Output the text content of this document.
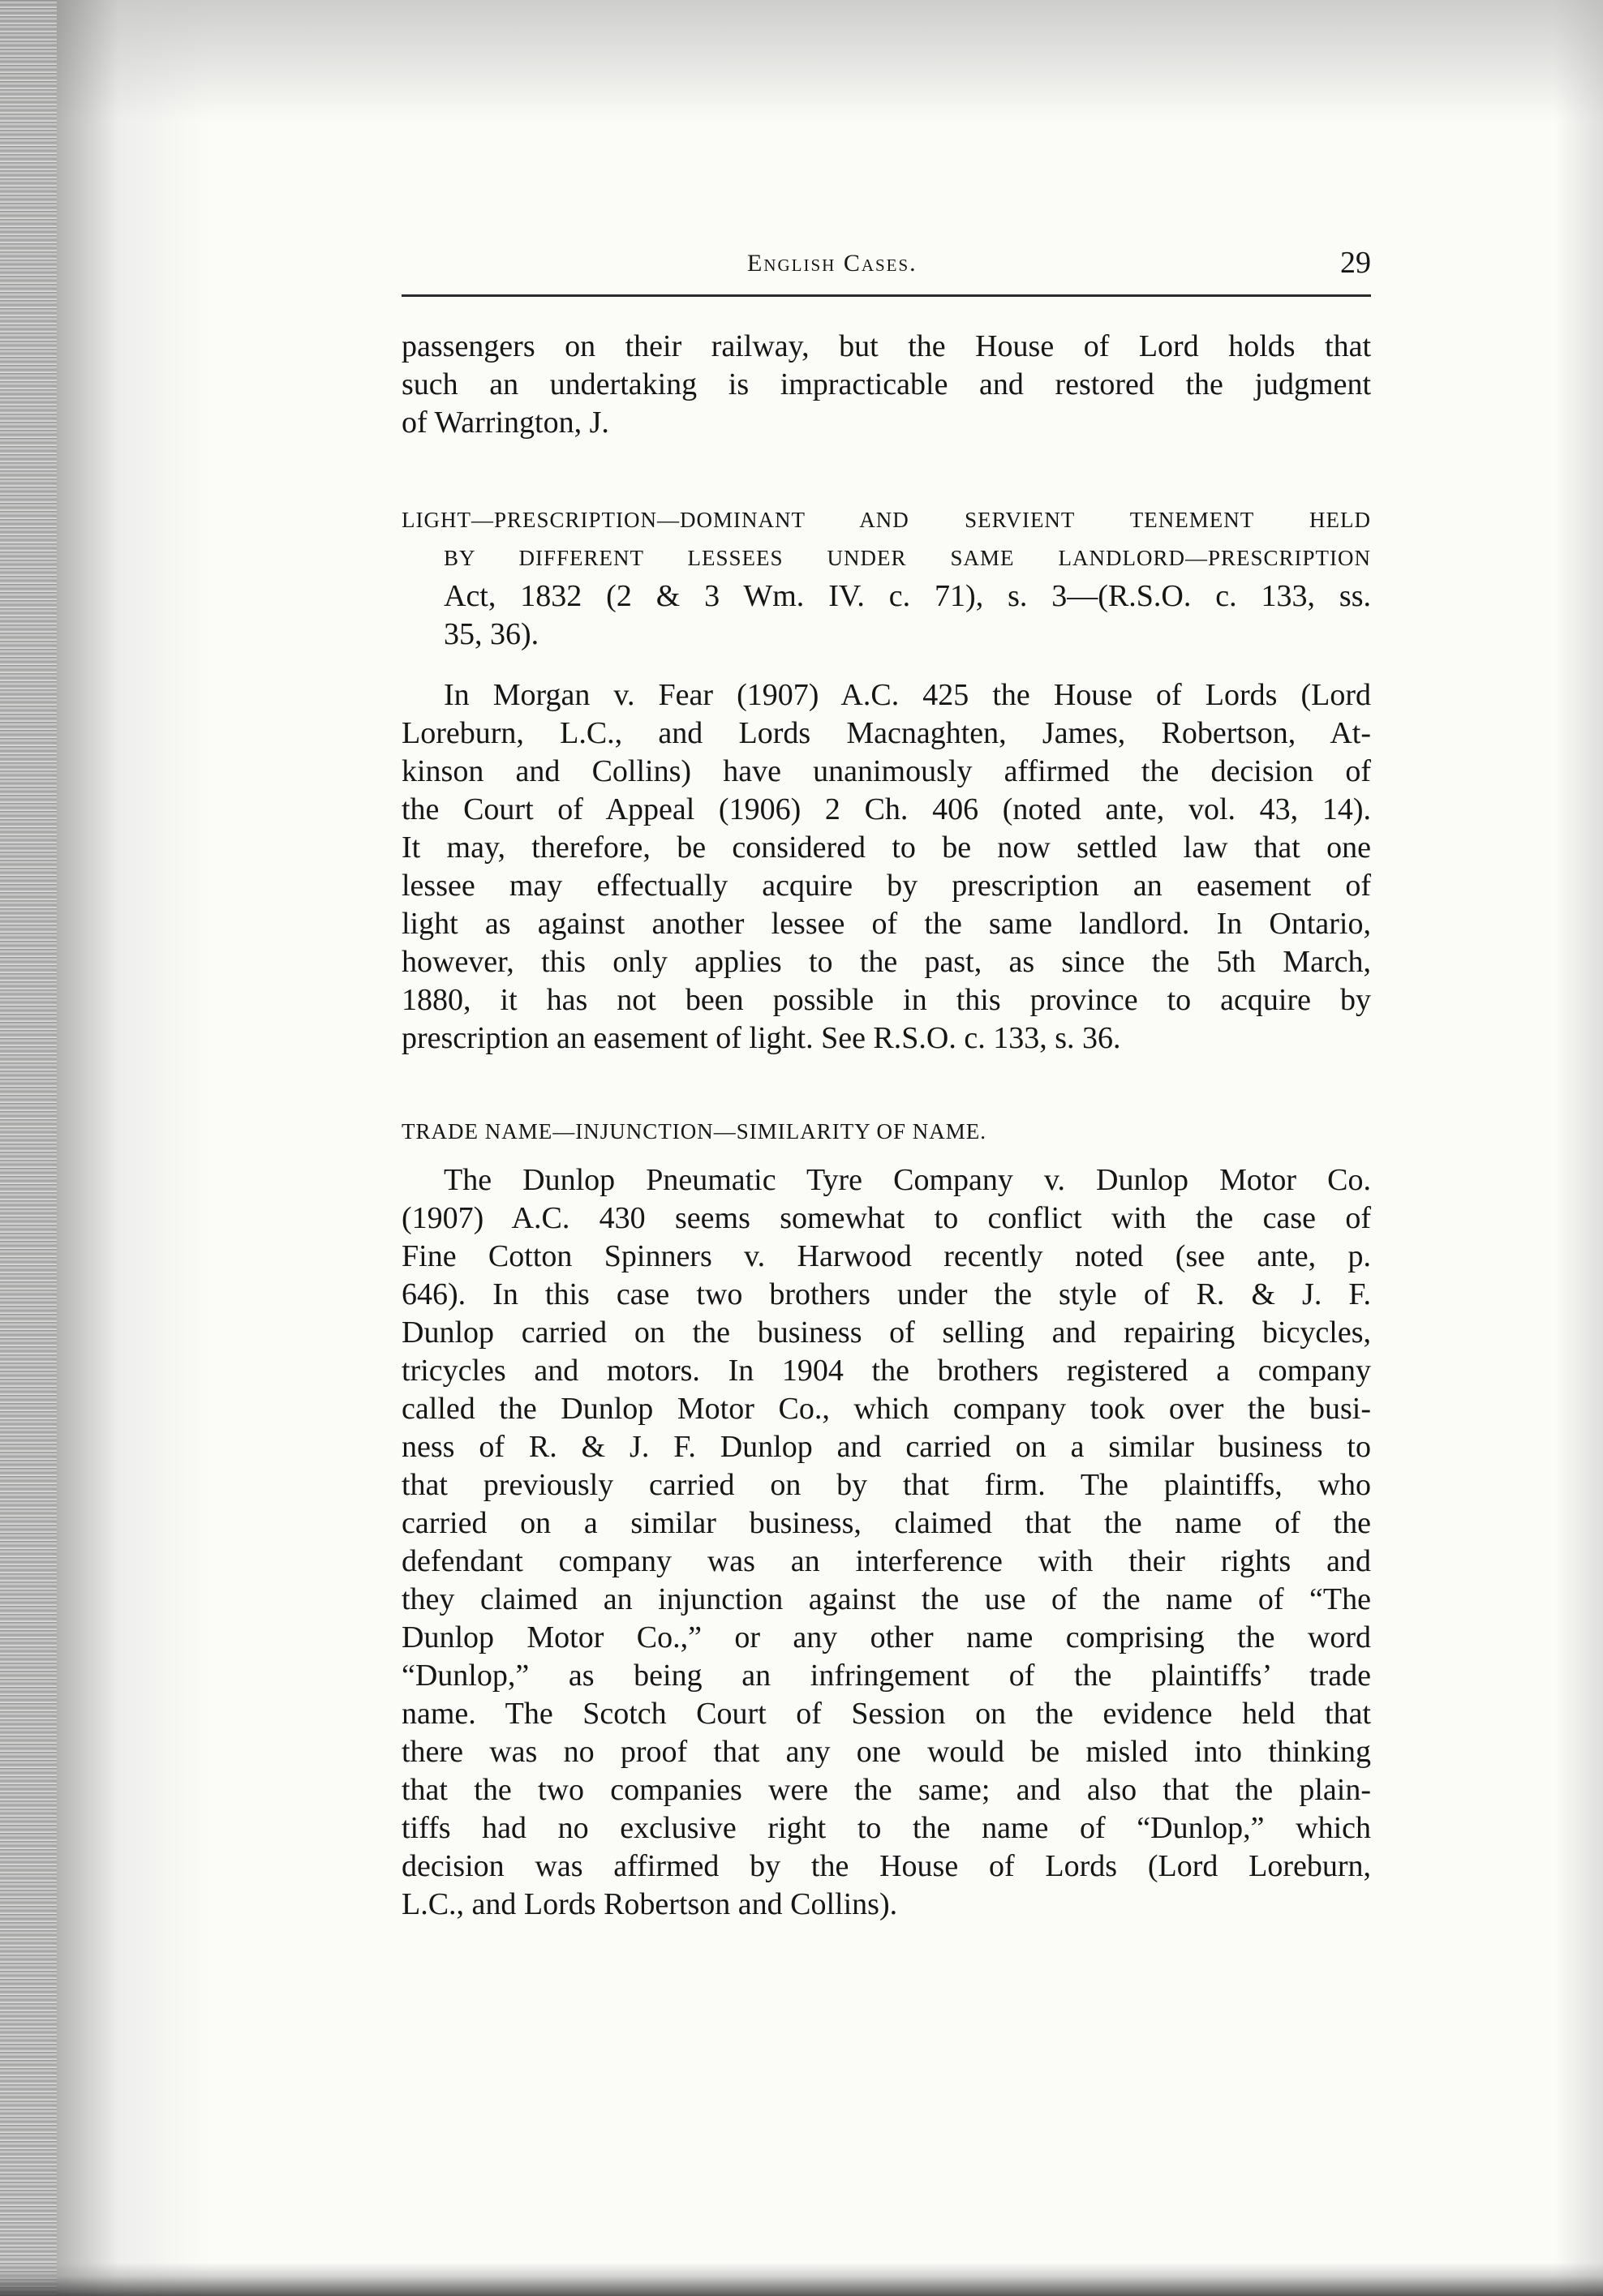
English Cases.	29

passengers on their railway, but the House of Lord holds that
such an undertaking is impracticable and restored the judgment
of Warrington, J.

LIGHT—PRESCRIPTION—DOMINANT AND SERVIENT TENEMENT HELD
BY DIFFERENT LESSEES UNDER SAME LANDLORD—PRESCRIPTION
Act, 1832 (2 & 3 Wm. IV. c. 71), s. 3—(R.S.O. c. 133, ss.
35, 36).

In Morgan v. Fear (1907) A.C. 425 the House of Lords (Lord
Loreburn, L.C., and Lords Macnaghten, James, Robertson, At-
kinson and Collins) have unanimously affirmed the decision of
the Court of Appeal (1906) 2 Ch. 406 (noted ante, vol. 43, 14).
It may, therefore, be considered to be now settled law that one
lessee may effectually acquire by prescription an easement of
light as against another lessee of the same landlord. In Ontario,
however, this only applies to the past, as since the 5th March,
1880, it has not been possible in this province to acquire by
prescription an easement of light. See R.S.O. c. 133, s. 36.

TRADE NAME—INJUNCTION—SIMILARITY OF NAME.

The Dunlop Pneumatic Tyre Company v. Dunlop Motor Co.
(1907) A.C. 430 seems somewhat to conflict with the case of
Fine Cotton Spinners v. Harwood recently noted (see ante, p.
646). In this case two brothers under the style of R. & J. F.
Dunlop carried on the business of selling and repairing bicycles,
tricycles and motors. In 1904 the brothers registered a company
called the Dunlop Motor Co., which company took over the busi-
ness of R. & J. F. Dunlop and carried on a similar business to
that previously carried on by that firm. The plaintiffs, who
carried on a similar business, claimed that the name of the
defendant company was an interference with their rights and
they claimed an injunction against the use of the name of “The
Dunlop Motor Co.,” or any other name comprising the word
“Dunlop,” as being an infringement of the plaintiffs’ trade
name. The Scotch Court of Session on the evidence held that
there was no proof that any one would be misled into thinking
that the two companies were the same; and also that the plain-
tiffs had no exclusive right to the name of “Dunlop,” which
decision was affirmed by the House of Lords (Lord Loreburn,
L.C., and Lords Robertson and Collins).
